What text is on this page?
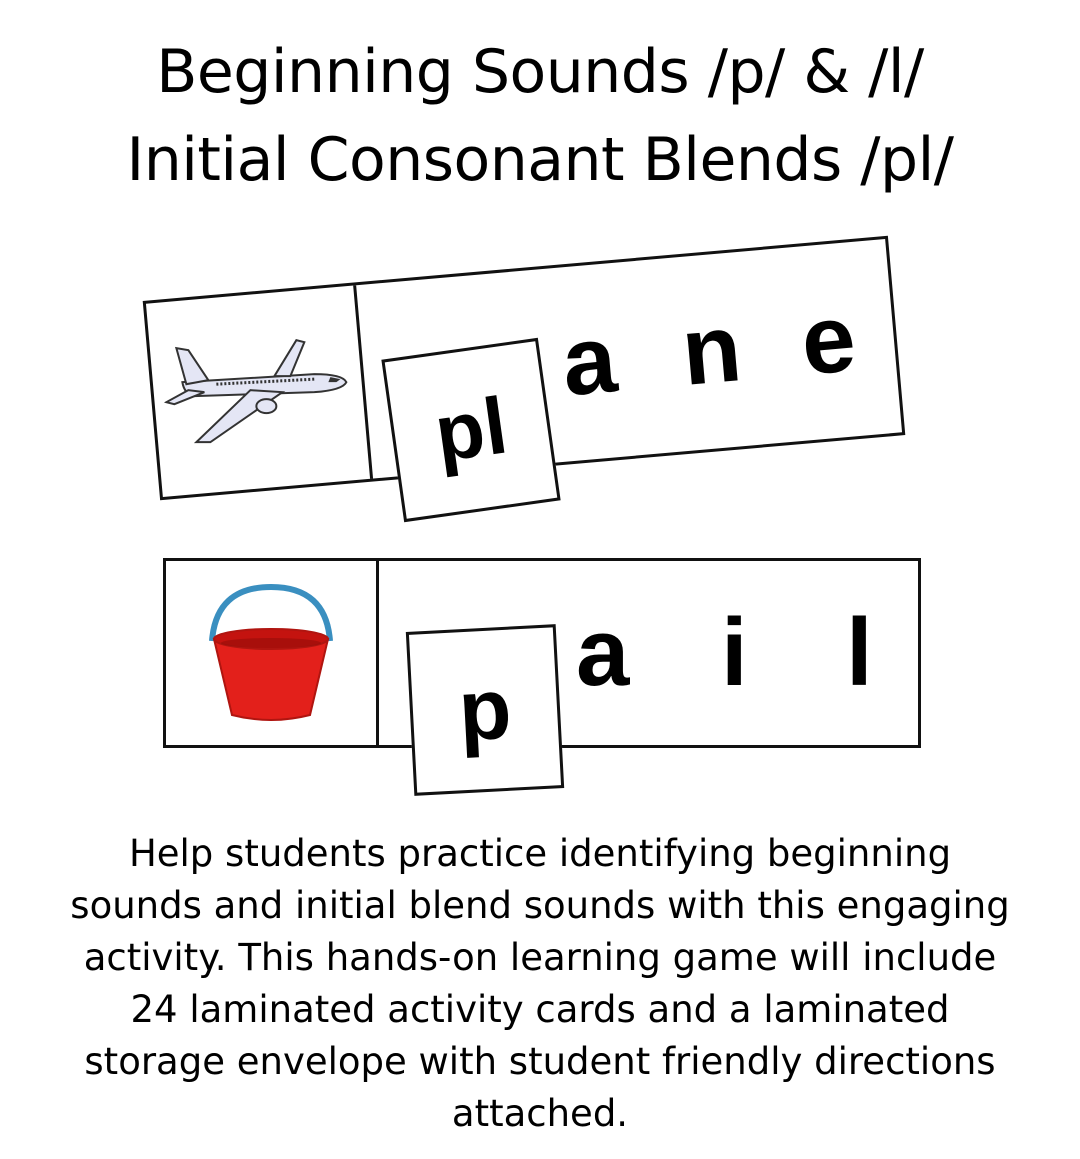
Beginning Sounds /p/ & /l/
Initial Consonant Blends /pl/
a n e
pl
a i l
p
Help students practice identifying beginning
sounds and initial blend sounds with this engaging
activity. This hands-on learning game will include
24 laminated activity cards and a laminated
storage envelope with student friendly directions
attached.
